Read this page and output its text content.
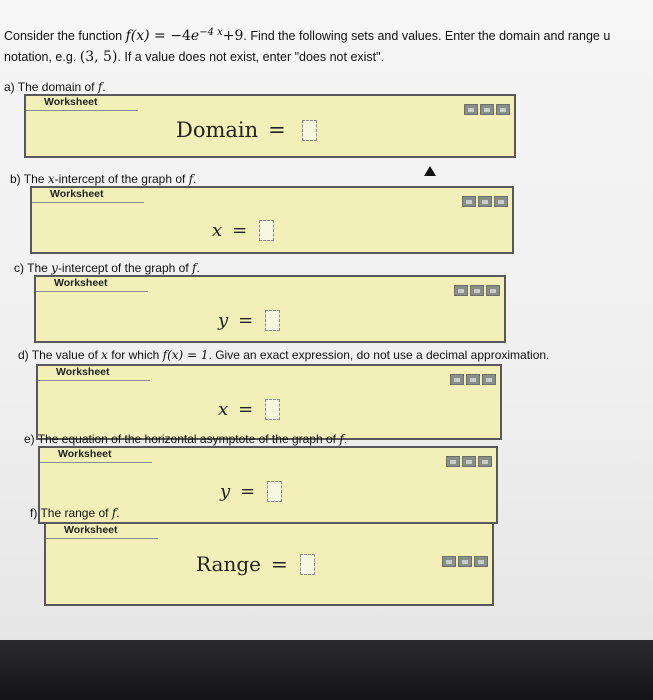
Consider the function $f(x) = -4e^{-4 x}+9$. Find the following sets and values. Enter the domain and range u
notation, e.g. (3, 5). If a value does not exist, enter "does not exist".
a) The domain of f.
Worksheet
Domain =
b) The x-intercept of the graph of f.
Worksheet
x =
c) The y-intercept of the graph of f.
Worksheet
y =
d) The value of x for which f(x) = 1. Give an exact expression, do not use a decimal approximation.
Worksheet
x =
e) The equation of the horizontal asymptote of the graph of f.
Worksheet
y =
f) The range of f.
Worksheet
Range =
